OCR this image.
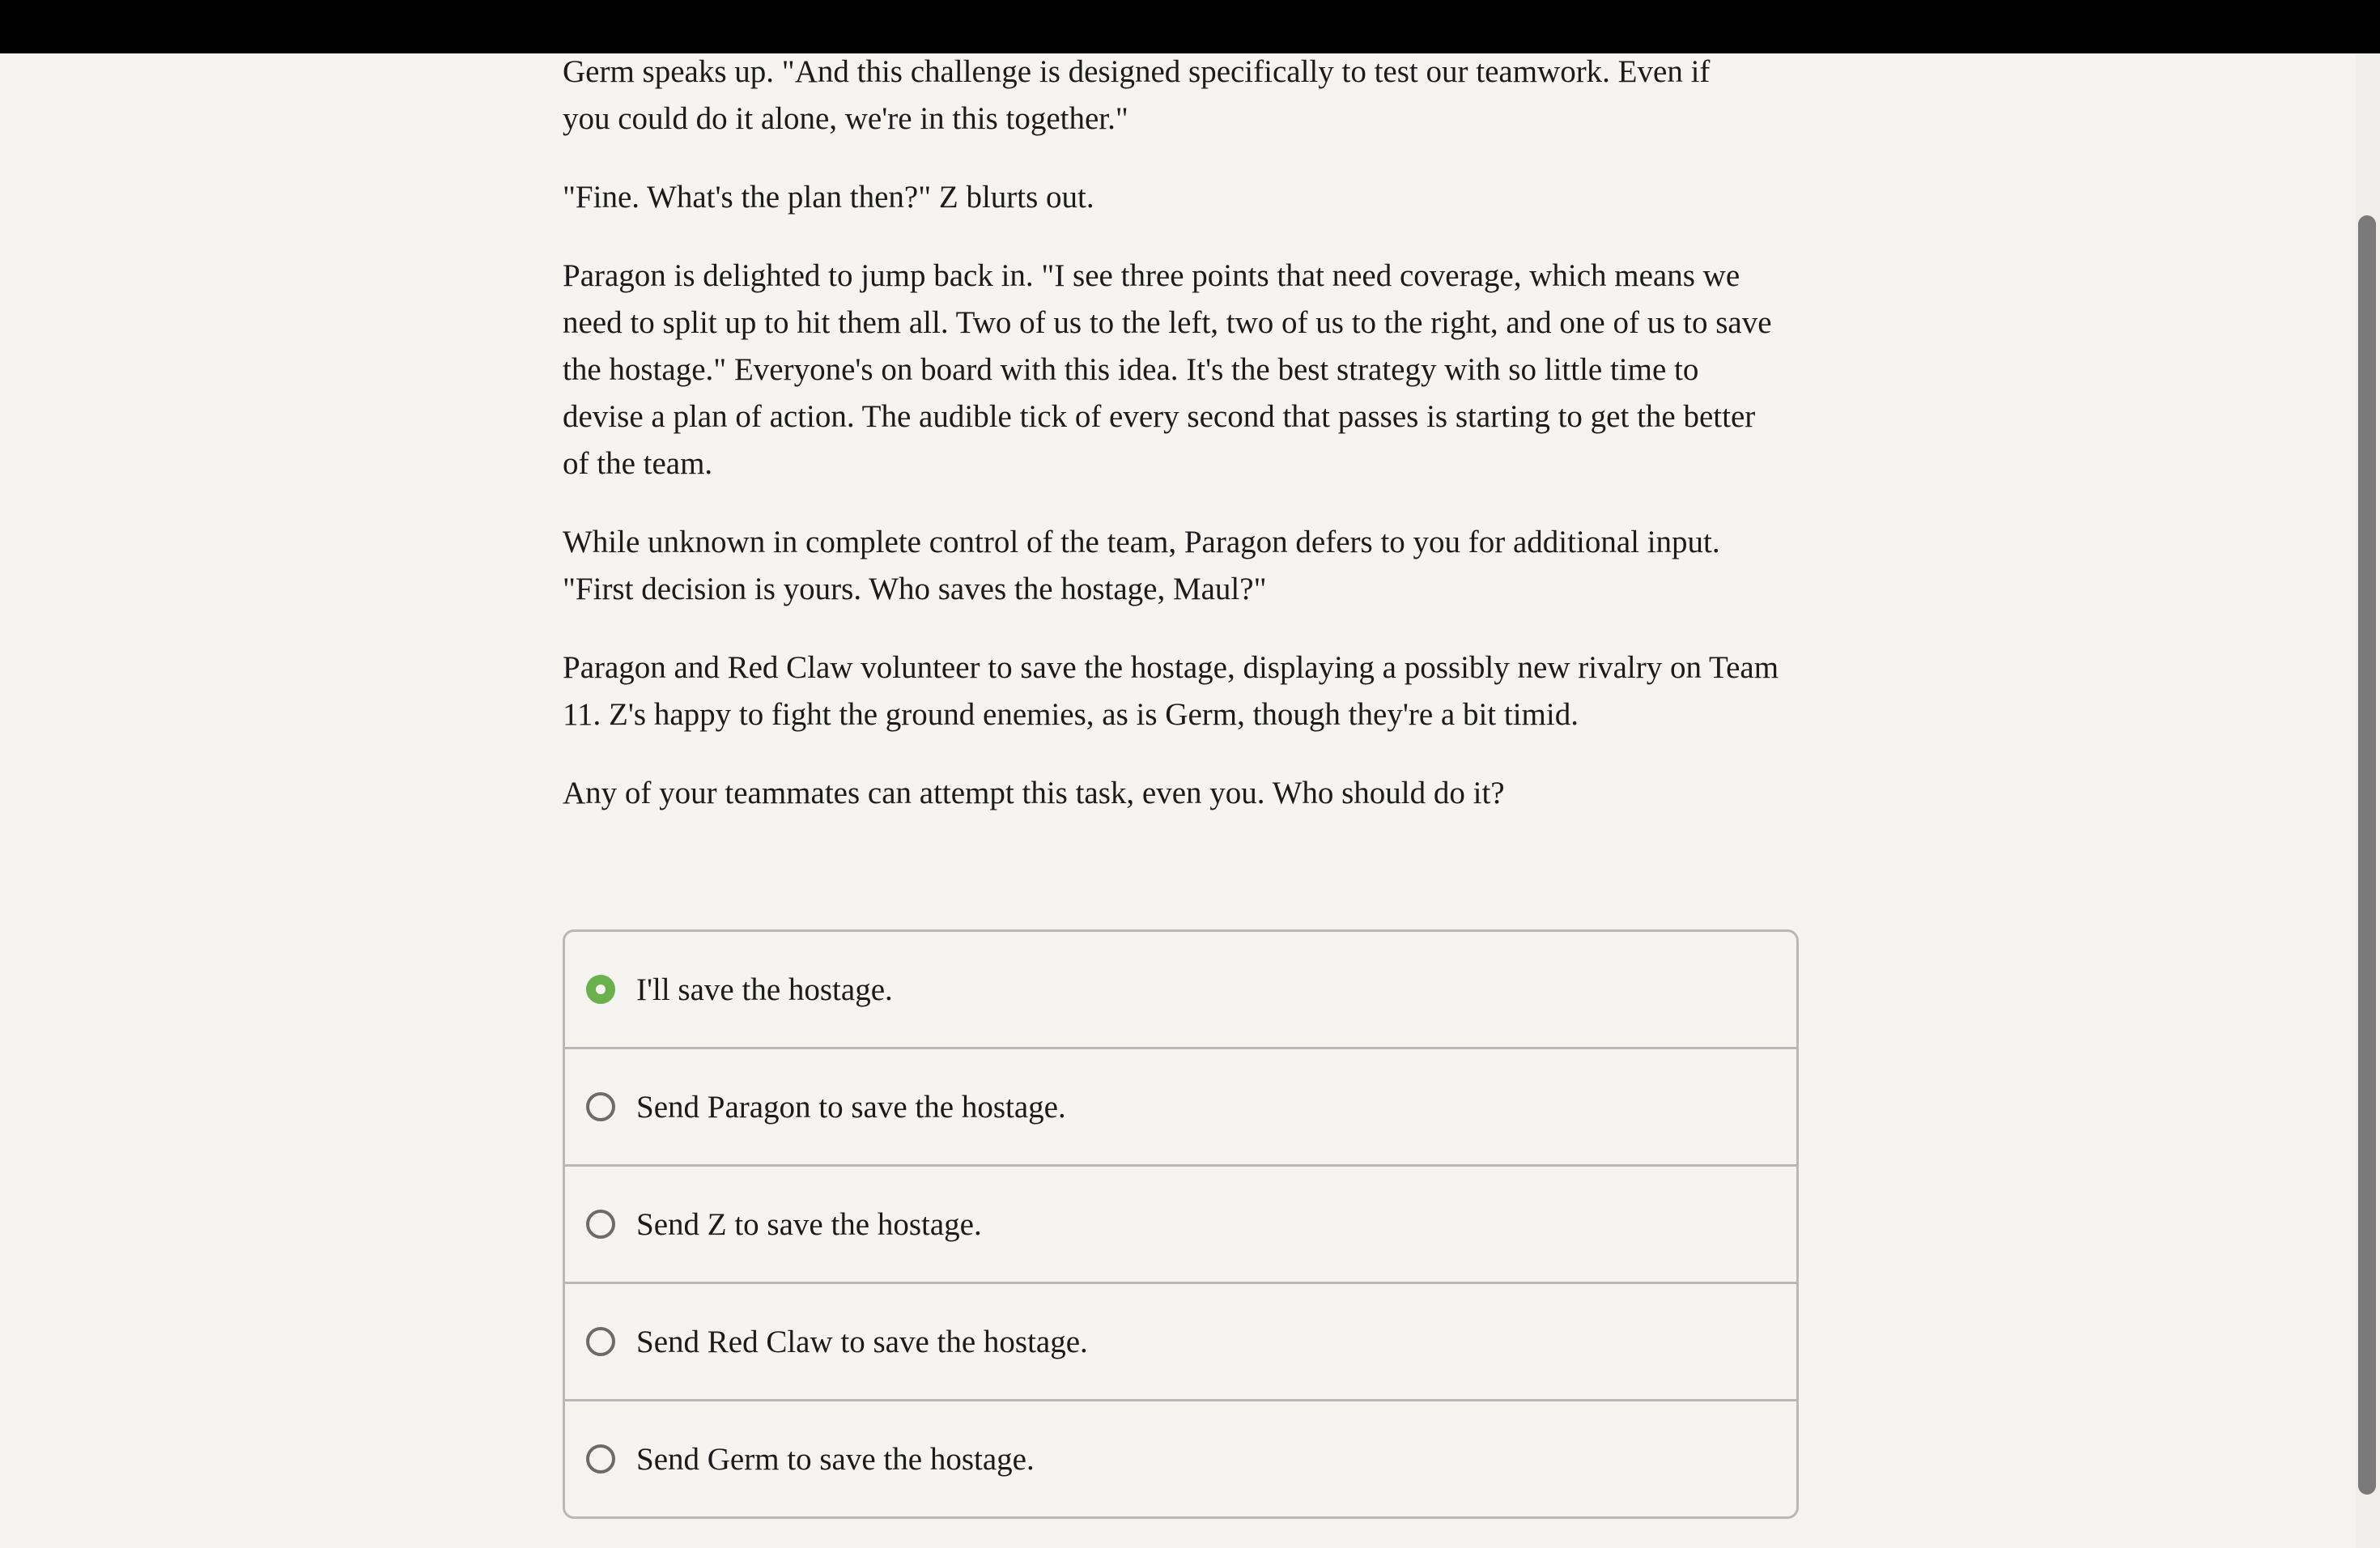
Germ speaks up. "And this challenge is designed specifically to test our teamwork. Even if you could do it alone, we're in this together."

"Fine. What's the plan then?" Z blurts out.

Paragon is delighted to jump back in. "I see three points that need coverage, which means we need to split up to hit them all. Two of us to the left, two of us to the right, and one of us to save the hostage." Everyone's on board with this idea. It's the best strategy with so little time to devise a plan of action. The audible tick of every second that passes is starting to get the better of the team.

While unknown in complete control of the team, Paragon defers to you for additional input. "First decision is yours. Who saves the hostage, Maul?"

Paragon and Red Claw volunteer to save the hostage, displaying a possibly new rivalry on Team 11. Z's happy to fight the ground enemies, as is Germ, though they're a bit timid.

Any of your teammates can attempt this task, even you. Who should do it?

I'll save the hostage.
Send Paragon to save the hostage.
Send Z to save the hostage.
Send Red Claw to save the hostage.
Send Germ to save the hostage.
